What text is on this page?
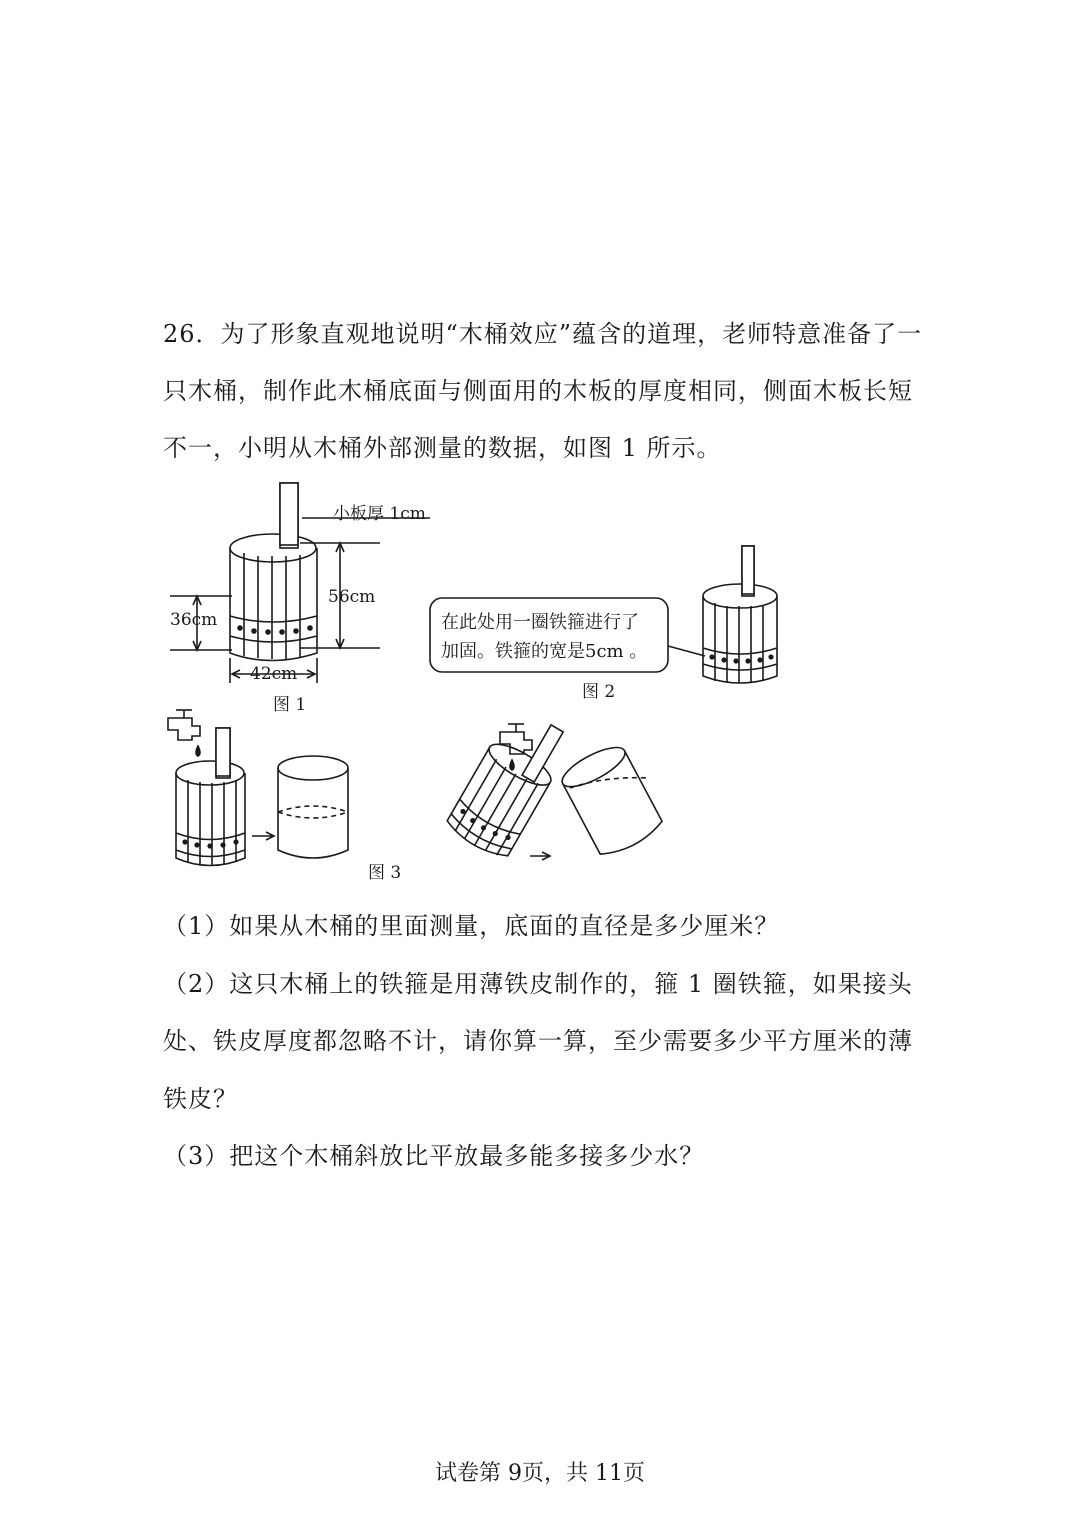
26．为了形象直观地说明“木桶效应”蕴含的道理，老师特意准备了一
只木桶，制作此木桶底面与侧面用的木板的厚度相同，侧面木板长短
不一，小明从木桶外部测量的数据，如图 1 所示。
小板厚 1cm
56cm
36cm
42cm
图 1
在此处用一圈铁箍进行了
加固。铁箍的宽是5cm 。
图 2
图 3
（1）如果从木桶的里面测量，底面的直径是多少厘米？
（2）这只木桶上的铁箍是用薄铁皮制作的，箍 1 圈铁箍，如果接头
处、铁皮厚度都忽略不计，请你算一算，至少需要多少平方厘米的薄
铁皮？
（3）把这个木桶斜放比平放最多能多接多少水？
试卷第 9页，共 11页
